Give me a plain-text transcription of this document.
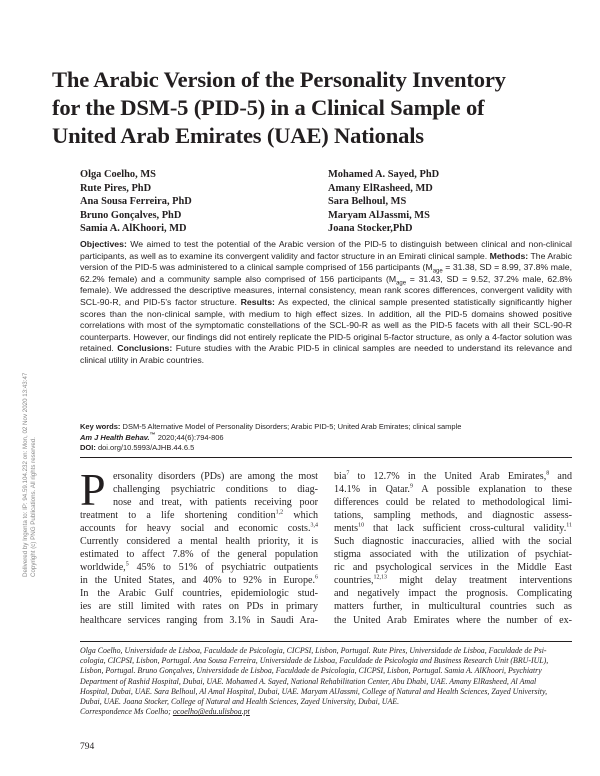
The Arabic Version of the Personality Inventory
for the DSM-5 (PID-5) in a Clinical Sample of
United Arab Emirates (UAE) Nationals
Olga Coelho, MS
Rute Pires, PhD
Ana Sousa Ferreira, PhD
Bruno Gonçalves, PhD
Samia A. AlKhoori, MD
Mohamed A. Sayed, PhD
Amany ElRasheed, MD
Sara Belhoul, MS
Maryam AlJassmi, MS
Joana Stocker,PhD
Objectives: We aimed to test the potential of the Arabic version of the PID-5 to distinguish between clinical and non-clinical participants, as well as to examine its convergent validity and factor structure in an Emirati clinical sample. Methods: The Arabic version of the PID-5 was administered to a clinical sample comprised of 156 participants ($M_{age} = 31.38$, SD = 8.99, 37.8% male, 62.2% female) and a community sample also comprised of 156 participants ($M_{age} = 31.43$, SD = 9.52, 37.2% male, 62.8% female). We addressed the descriptive measures, internal consistency, mean rank scores differences, convergent validity with SCL-90-R, and PID-5’s factor structure. Results: As expected, the clinical sample presented statistically significantly higher scores than the non-clinical sample, with medium to high effect sizes. In addition, all the PID-5 domains showed positive correlations with most of the symptomatic constellations of the SCL-90-R as well as the PID-5 facets with all their SCL-90-R counterparts. However, our findings did not entirely replicate the PID-5 original 5-factor structure, as only a 4-factor solution was retained. Conclusions: Future studies with the Arabic PID-5 in clinical samples are needed to understand its relevance and clinical utility in Arabic countries.
Key words: DSM-5 Alternative Model of Personality Disorders; Arabic PID-5; United Arab Emirates; clinical sample
Am J Health Behav.™ 2020;44(6):794-806
DOI: doi.org/10.5993/AJHB.44.6.5
P ersonality disorders (PDs) are among the most
challenging psychiatric conditions to diag-
nose and treat, with patients receiving poor
treatment to a life shortening condition$^{1,2}$ which
accounts for heavy social and economic costs.$^{3,4}$
Currently considered a mental health priority, it is
estimated to affect 7.8% of the general population
worldwide,$^5$ 45% to 51% of psychiatric outpatients
in the United States, and 40% to 92% in Europe.$^6$
In the Arabic Gulf countries, epidemiologic stud-
ies are still limited with rates on PDs in primary
healthcare services ranging from 3.1% in Saudi Ara-
bia$^7$ to 12.7% in the United Arab Emirates,$^8$ and
14.1% in Qatar.$^9$ A possible explanation to these
differences could be related to methodological limi-
tations, sampling methods, and diagnostic assess-
ments$^{10}$ that lack sufficient cross-cultural validity.$^{11}$
Such diagnostic inaccuracies, allied with the social
stigma associated with the utilization of psychiat-
ric and psychological services in the Middle East
countries,$^{12,13}$ might delay treatment interventions
and negatively impact the prognosis. Complicating
matters further, in multicultural countries such as
the United Arab Emirates where the number of ex-
Olga Coelho, Universidade de Lisboa, Faculdade de Psicologia, CICPSI, Lisbon, Portugal. Rute Pires, Universidade de Lisboa, Faculdade de Psi-
cologia, CICPSI, Lisbon, Portugal. Ana Sousa Ferreira, Universidade de Lisboa, Faculdade de Psicologia and Business Research Unit (BRU-IUL),
Lisbon, Portugal. Bruno Gonçalves, Universidade de Lisboa, Faculdade de Psicologia, CICPSI, Lisbon, Portugal. Samia A. AlKhoori, Psychiatry
Department of Rashid Hospital, Dubai, UAE. Mohamed A. Sayed, National Rehabilitation Center, Abu Dhabi, UAE. Amany ElRasheed, Al Amal
Hospital, Dubai, UAE. Sara Belhoul, Al Amal Hospital, Dubai, UAE. Maryam AlJassmi, College of Natural and Health Sciences, Zayed University,
Dubai, UAE. Joana Stocker, College of Natural and Health Sciences, Zayed University, Dubai, UAE.
Correspondence Ms Coelho; ocoelho@edu.ulisboa.pt
794
Delivered by Ingenta to: IP: 94.59.104.232 on: Mon, 02 Nov 2020 13:43:47 Copyright (c) PNG Publications. All rights reserved.
